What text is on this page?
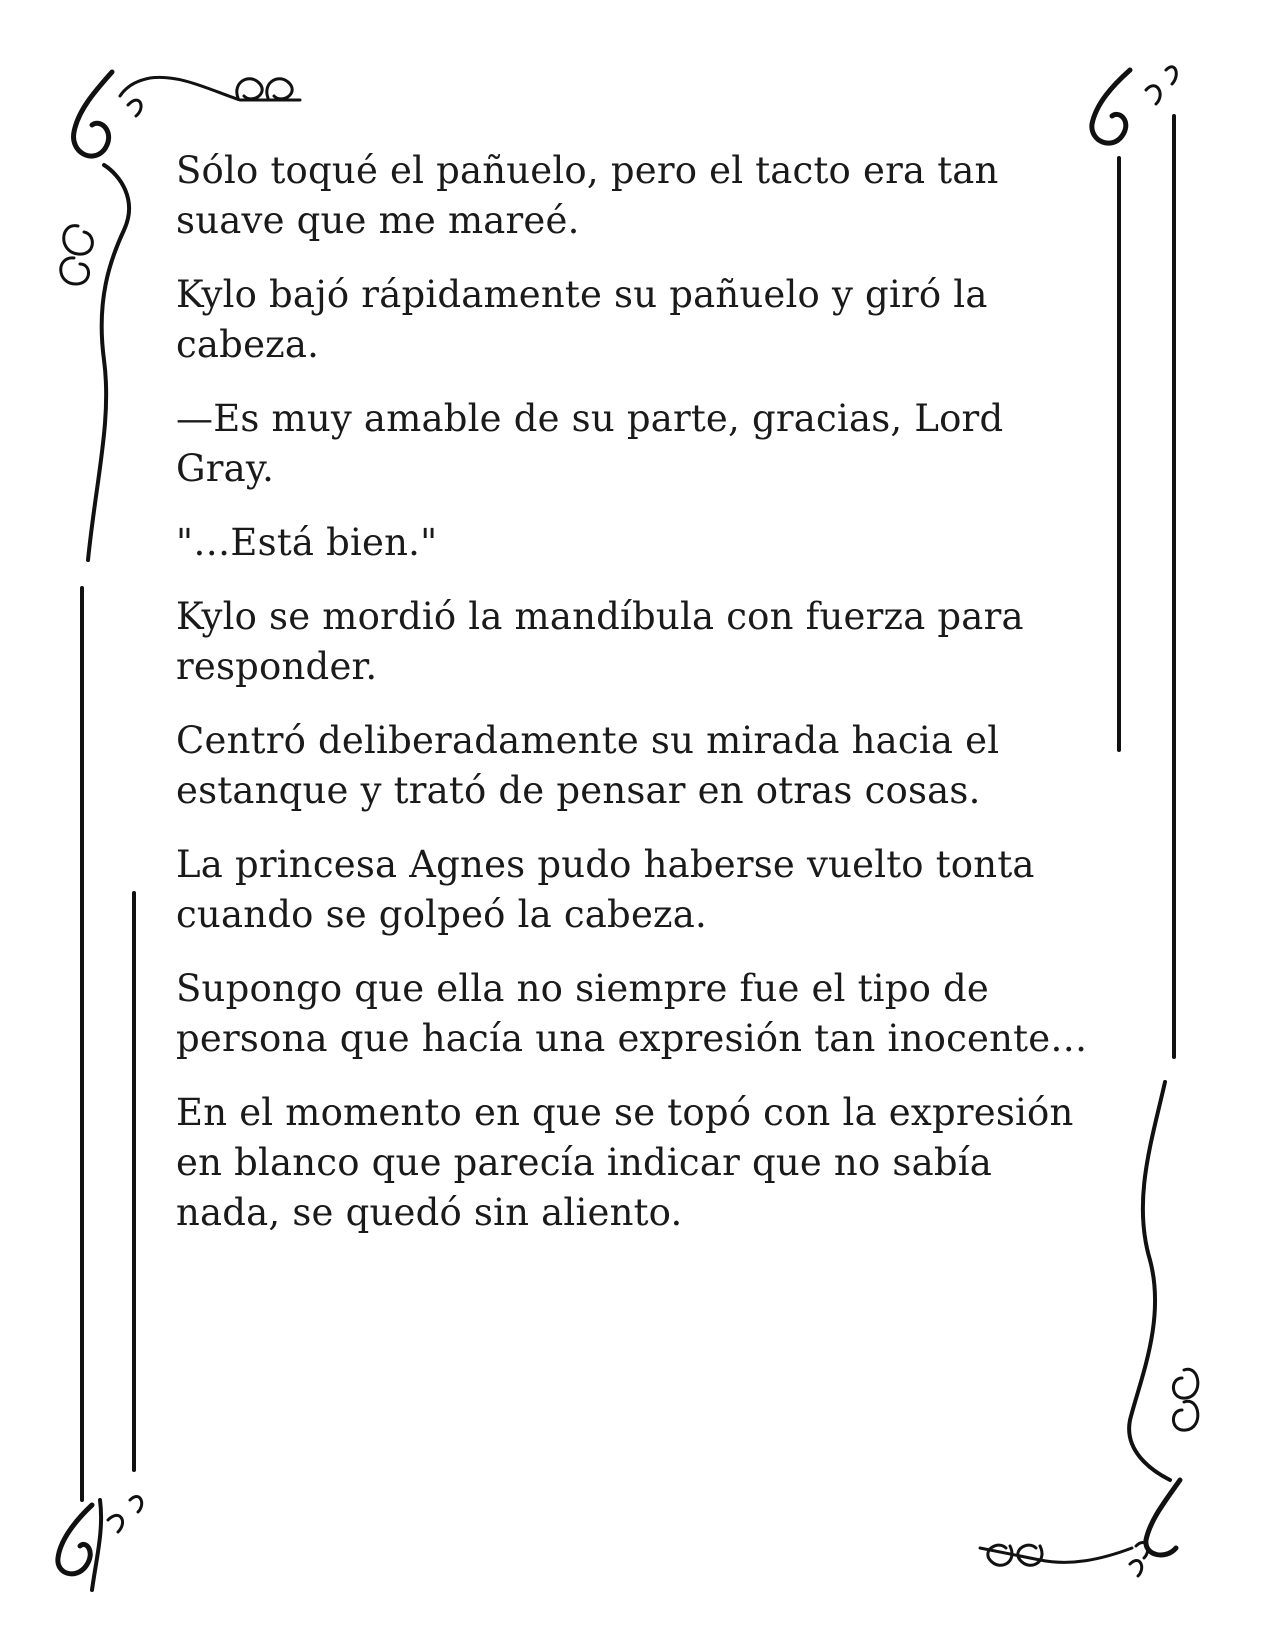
Sólo toqué el pañuelo, pero el tacto era tan suave que me mareé.

Kylo bajó rápidamente su pañuelo y giró la cabeza.

—Es muy amable de su parte, gracias, Lord Gray.

"…Está bien."

Kylo se mordió la mandíbula con fuerza para responder.

Centró deliberadamente su mirada hacia el estanque y trató de pensar en otras cosas.

La princesa Agnes pudo haberse vuelto tonta cuando se golpeó la cabeza.

Supongo que ella no siempre fue el tipo de persona que hacía una expresión tan inocente…

En el momento en que se topó con la expresión en blanco que parecía indicar que no sabía nada, se quedó sin aliento.
